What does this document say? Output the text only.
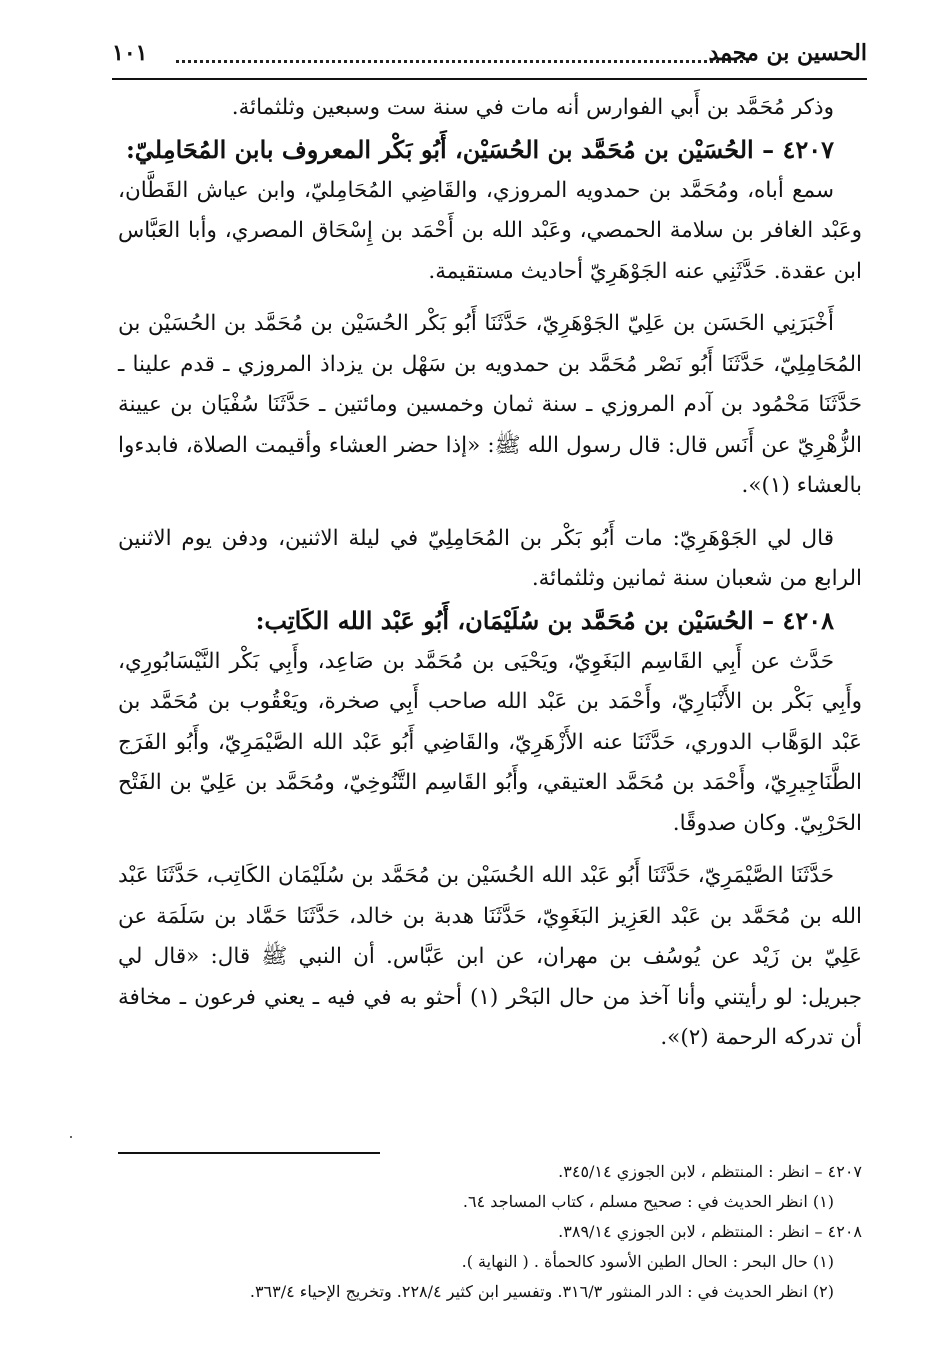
الحسين بن محمد
١٠١

وذكر مُحَمَّد بن أَبي الفوارس أنه مات في سنة ست وسبعين وثلثمائة.

٤٢٠٧ – الحُسَيْن بن مُحَمَّد بن الحُسَيْن، أَبُو بَكْر المعروف بابن المُحَامِليّ:

سمع أباه، ومُحَمَّد بن حمدويه المروزي، والقَاضِي المُحَامِليّ، وابن عياش القَطَّان، وعَبْد الغافر بن سلامة الحمصي، وعَبْد الله بن أَحْمَد بن إِسْحَاق المصري، وأبا العَبَّاس ابن عقدة. حَدَّثَنِي عنه الجَوْهَرِيّ أحاديث مستقيمة.

أَخْبَرَنِي الحَسَن بن عَلِيّ الجَوْهَرِيّ، حَدَّثَنَا أَبُو بَكْر الحُسَيْن بن مُحَمَّد بن الحُسَيْن بن المُحَامِلِيّ، حَدَّثَنَا أَبُو نَصْر مُحَمَّد بن حمدويه بن سَهْل بن يزداذ المروزي ـ قدم علينا ـ حَدَّثَنَا مَحْمُود بن آدم المروزي ـ سنة ثمان وخمسين ومائتين ـ حَدَّثَنَا سُفْيَان بن عيينة الزُّهْرِيّ عن أَنَس قال: قال رسول الله ﷺ: «إذا حضر العشاء وأقيمت الصلاة، فابدءوا بالعشاء (١)».

قال لي الجَوْهَرِيّ: مات أَبُو بَكْر بن المُحَامِلِيّ في ليلة الاثنين، ودفن يوم الاثنين الرابع من شعبان سنة ثمانين وثلثمائة.

٤٢٠٨ – الحُسَيْن بن مُحَمَّد بن سُلَيْمَان، أَبُو عَبْد الله الكَاتِب:

حَدَّث عن أَبِي القَاسِم البَغَوِيّ، ويَحْيَى بن مُحَمَّد بن صَاعِد، وأَبِي بَكْر النَّيْسَابُورِي، وأَبِي بَكْر بن الأَنْبَارِيّ، وأَحْمَد بن عَبْد الله صاحب أَبِي صخرة، ويَعْقُوب بن مُحَمَّد بن عَبْد الوَهَّاب الدوري، حَدَّثَنَا عنه الأَزْهَرِيّ، والقَاضِي أَبُو عَبْد الله الصَّيْمَرِيّ، وأَبُو الفَرَج الطَّنَاجِيرِيّ، وأَحْمَد بن مُحَمَّد العتيقي، وأَبُو القَاسِم التَّنُوخِيّ، ومُحَمَّد بن عَلِيّ بن الفَتْح الحَرْبِيّ. وكان صدوقًا.

حَدَّثَنَا الصَّيْمَرِيّ، حَدَّثَنَا أَبُو عَبْد الله الحُسَيْن بن مُحَمَّد بن سُلَيْمَان الكَاتِب، حَدَّثَنَا عَبْد الله بن مُحَمَّد بن عَبْد العَزِيز البَغَوِيّ، حَدَّثَنَا هدبة بن خالد، حَدَّثَنَا حَمَّاد بن سَلَمَة عن عَلِيّ بن زَيْد عن يُوسُف بن مهران، عن ابن عَبَّاس. أن النبي ﷺ قال: «قال لي جبريل: لو رأيتني وأنا آخذ من حال البَحْر (١) أحثو به في فيه ـ يعني فرعون ـ مخافة أن تدركه الرحمة (٢)».

٤٢٠٧ – انظر : المنتظم ، لابن الجوزي ٣٤٥/١٤.

(١) انظر الحديث في : صحيح مسلم ، كتاب المساجد ٦٤.

٤٢٠٨ – انظر : المنتظم ، لابن الجوزي ٣٨٩/١٤.

(١) حال البحر : الحال الطين الأسود كالحمأة . ( النهاية ).

(٢) انظر الحديث في : الدر المنثور ٣١٦/٣. وتفسير ابن كثير ٢٢٨/٤. وتخريج الإحياء ٣٦٣/٤.
